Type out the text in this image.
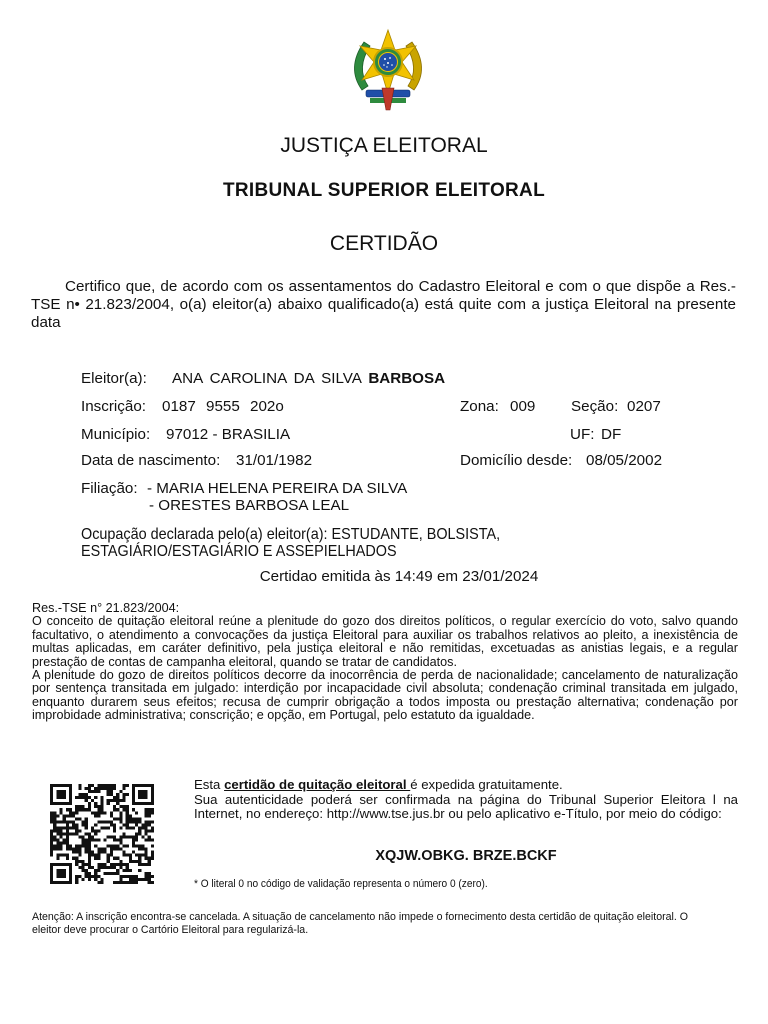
JUSTIÇA ELEITORAL
TRIBUNAL SUPERIOR ELEITORAL
CERTIDÃO

Certifico que, de acordo com os assentamentos do Cadastro Eleitoral e com o que dispõe a Res.-TSE n• 21.823/2004, o(a) eleitor(a) abaixo qualificado(a) está quite com a justiça Eleitoral na presente data

Eleitor(a): ANA CAROLINA DA SILVA BARBOSA
Inscrição: 0187 9555 202o	Zona: 009 Seção: 0207
Município: 97012 - BRASILIA	UF: DF
Data de nascimento: 31/01/1982	Domicílio desde: 08/05/2002
Filiação: - MARIA HELENA PEREIRA DA SILVA
- ORESTES BARBOSA LEAL
Ocupação declarada pelo(a) eleitor(a): ESTUDANTE, BOLSISTA,
ESTAGIÁRIO/ESTAGIÁRIO E ASSEPIELHADOS
Certidao emitida às 14:49 em 23/01/2024

Res.-TSE n° 21.823/2004:

O conceito de quitação eleitoral reúne a plenitude do gozo dos direitos políticos, o regular exercício do voto, salvo quando facultativo, o atendimento a convocações da justiça Eleitoral para auxiliar os trabalhos relativos ao pleito, a inexistência de multas aplicadas, em caráter definitivo, pela justiça eleitoral e não remitidas, excetuadas as anistias legais, e a regular prestação de contas de campanha eleitoral, quando se tratar de candidatos.

A plenitude do gozo de direitos políticos decorre da inocorrência de perda de nacionalidade; cancelamento de naturalização por sentença transitada em julgado: interdição por incapacidade civil absoluta; condenação criminal transitada em julgado, enquanto durarem seus efeitos; recusa de cumprir obrigação a todos imposta ou prestação alternativa; condenação por improbidade administrativa; conscrição; e opção, em Portugal, pelo estatuto da igualdade.

Esta certidão de quitação eleitoral é expedida gratuitamente.
Sua autenticidade poderá ser confirmada na página do Tribunal Superior Eleitora l na Internet, no endereço: http://www.tse.jus.br ou pelo aplicativo e-Título, por meio do código:
XQJW.OBKG. BRZE.BCKF
* O literal 0 no código de validação representa o número 0 (zero).
Atenção: A inscrição encontra-se cancelada. A situação de cancelamento não impede o fornecimento desta certidão de quitação eleitoral. O eleitor deve procurar o Cartório Eleitoral para regularizá-la.
